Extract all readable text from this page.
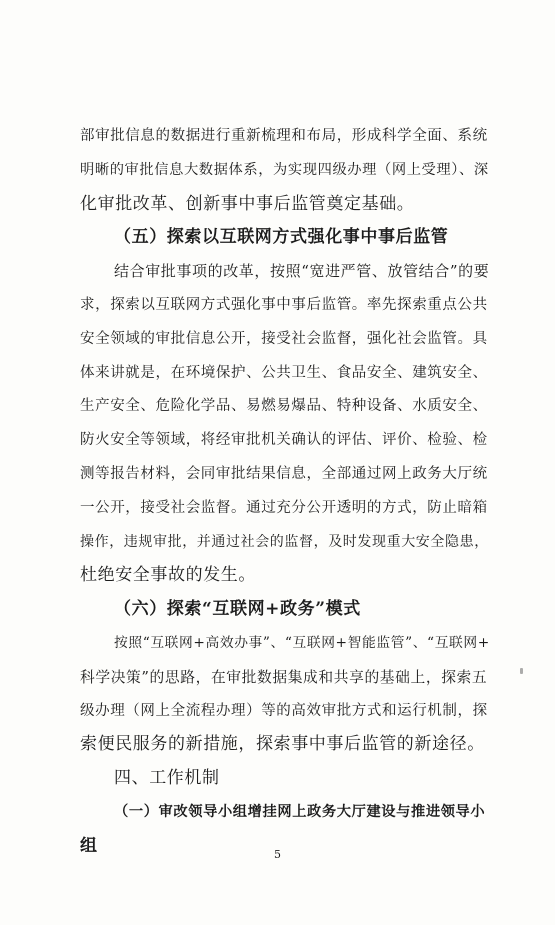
部审批信息的数据进行重新梳理和布局，形成科学全面、系统
明晰的审批信息大数据体系，为实现四级办理（网上受理）、深
化审批改革、创新事中事后监管奠定基础。
（五）探索以互联网方式强化事中事后监管
结合审批事项的改革，按照“宽进严管、放管结合”的要
求，探索以互联网方式强化事中事后监管。率先探索重点公共
安全领域的审批信息公开，接受社会监督，强化社会监管。具
体来讲就是，在环境保护、公共卫生、食品安全、建筑安全、
生产安全、危险化学品、易燃易爆品、特种设备、水质安全、
防火安全等领域，将经审批机关确认的评估、评价、检验、检
测等报告材料，会同审批结果信息，全部通过网上政务大厅统
一公开，接受社会监督。通过充分公开透明的方式，防止暗箱
操作，违规审批，并通过社会的监督，及时发现重大安全隐患，
杜绝安全事故的发生。
（六）探索“互联网+政务”模式
按照“互联网+高效办事”、“互联网+智能监管”、“互联网+
科学决策”的思路，在审批数据集成和共享的基础上，探索五
级办理（网上全流程办理）等的高效审批方式和运行机制，探
索便民服务的新措施，探索事中事后监管的新途径。
四、工作机制
（一）审改领导小组增挂网上政务大厅建设与推进领导小
组	5
